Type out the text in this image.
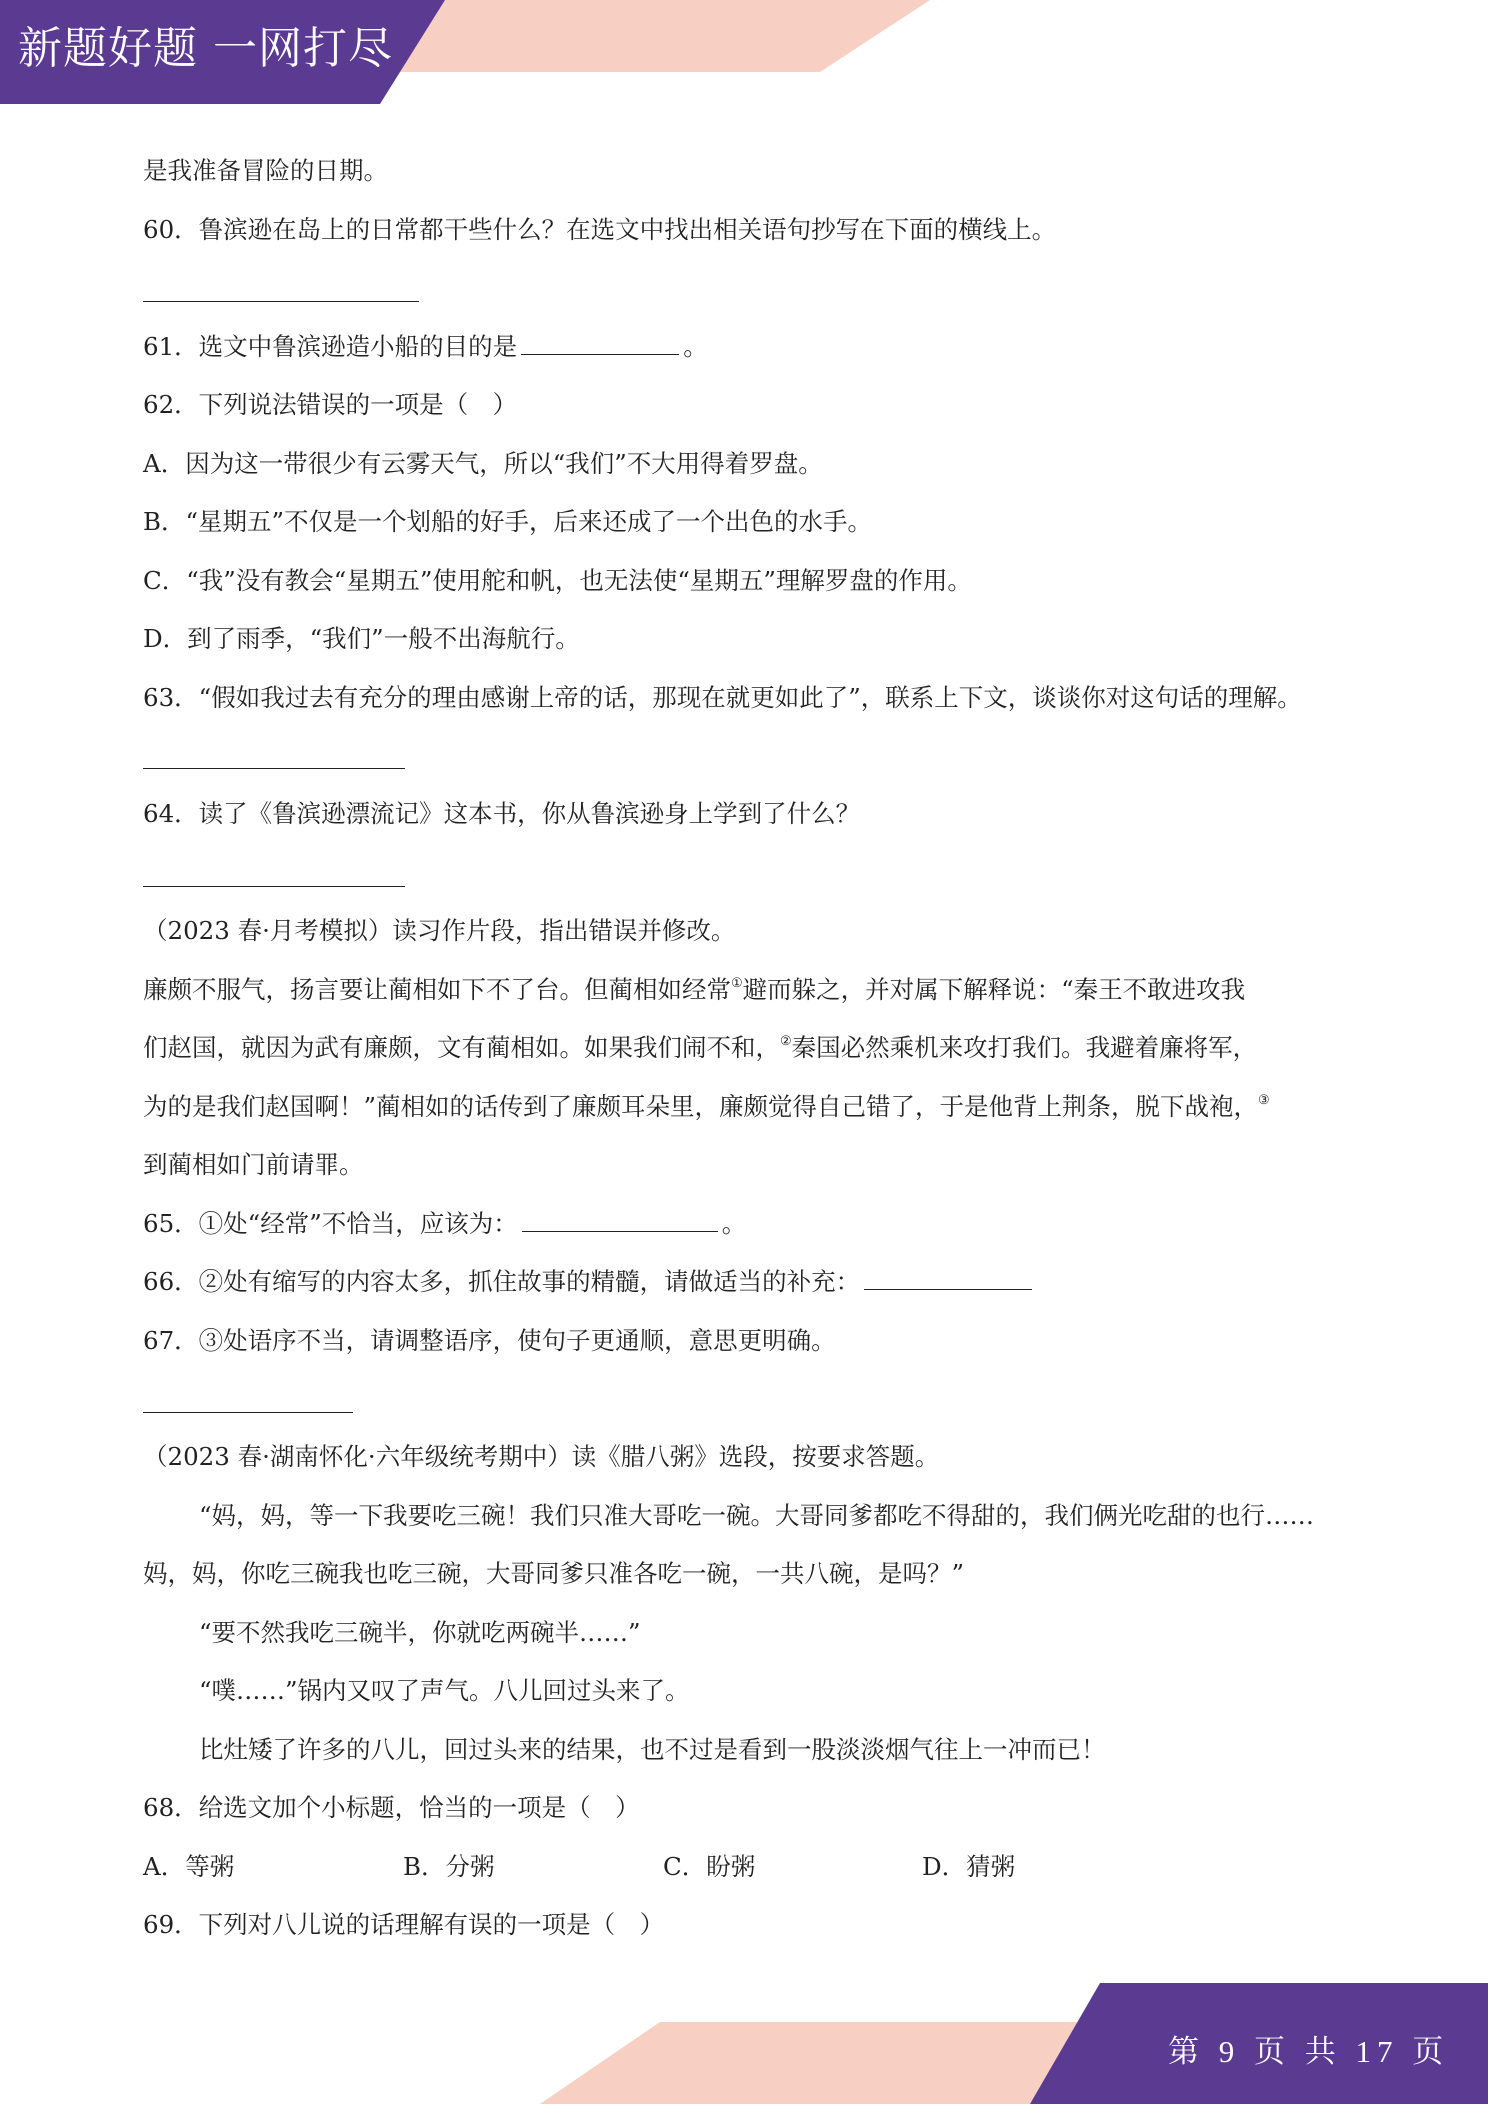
新题好题 一网打尽
第 9 页 共 17 页
是我准备冒险的日期。
60．鲁滨逊在岛上的日常都干些什么？在选文中找出相关语句抄写在下面的横线上。
61．选文中鲁滨逊造小船的目的是	。
62．下列说法错误的一项是（　）
A．因为这一带很少有云雾天气，所以“我们”不大用得着罗盘。
B．“星期五”不仅是一个划船的好手，后来还成了一个出色的水手。
C．“我”没有教会“星期五”使用舵和帆，也无法使“星期五”理解罗盘的作用。
D．到了雨季，“我们”一般不出海航行。
63．“假如我过去有充分的理由感谢上帝的话，那现在就更如此了”，联系上下文，谈谈你对这句话的理解。
64．读了《鲁滨逊漂流记》这本书，你从鲁滨逊身上学到了什么？
（2023 春·月考模拟）读习作片段，指出错误并修改。
廉颇不服气，扬言要让蔺相如下不了台。但蔺相如经常①避而躲之，并对属下解释说：“秦王不敢进攻我
们赵国，就因为武有廉颇，文有蔺相如。如果我们闹不和，②秦国必然乘机来攻打我们。我避着廉将军，
为的是我们赵国啊！”蔺相如的话传到了廉颇耳朵里，廉颇觉得自己错了，于是他背上荆条，脱下战袍，③
到蔺相如门前请罪。
65．①处“经常”不恰当，应该为：	。
66．②处有缩写的内容太多，抓住故事的精髓，请做适当的补充：
67．③处语序不当，请调整语序，使句子更通顺，意思更明确。
（2023 春·湖南怀化·六年级统考期中）读《腊八粥》选段，按要求答题。
“妈，妈，等一下我要吃三碗！我们只准大哥吃一碗。大哥同爹都吃不得甜的，我们俩光吃甜的也行……
妈，妈，你吃三碗我也吃三碗，大哥同爹只准各吃一碗，一共八碗，是吗？”
“要不然我吃三碗半，你就吃两碗半……”
“噗……”锅内又叹了声气。八儿回过头来了。
比灶矮了许多的八儿，回过头来的结果，也不过是看到一股淡淡烟气往上一冲而已！
68．给选文加个小标题，恰当的一项是（　）
A．等粥	B．分粥	C．盼粥	D．猜粥
69．下列对八儿说的话理解有误的一项是（　）
